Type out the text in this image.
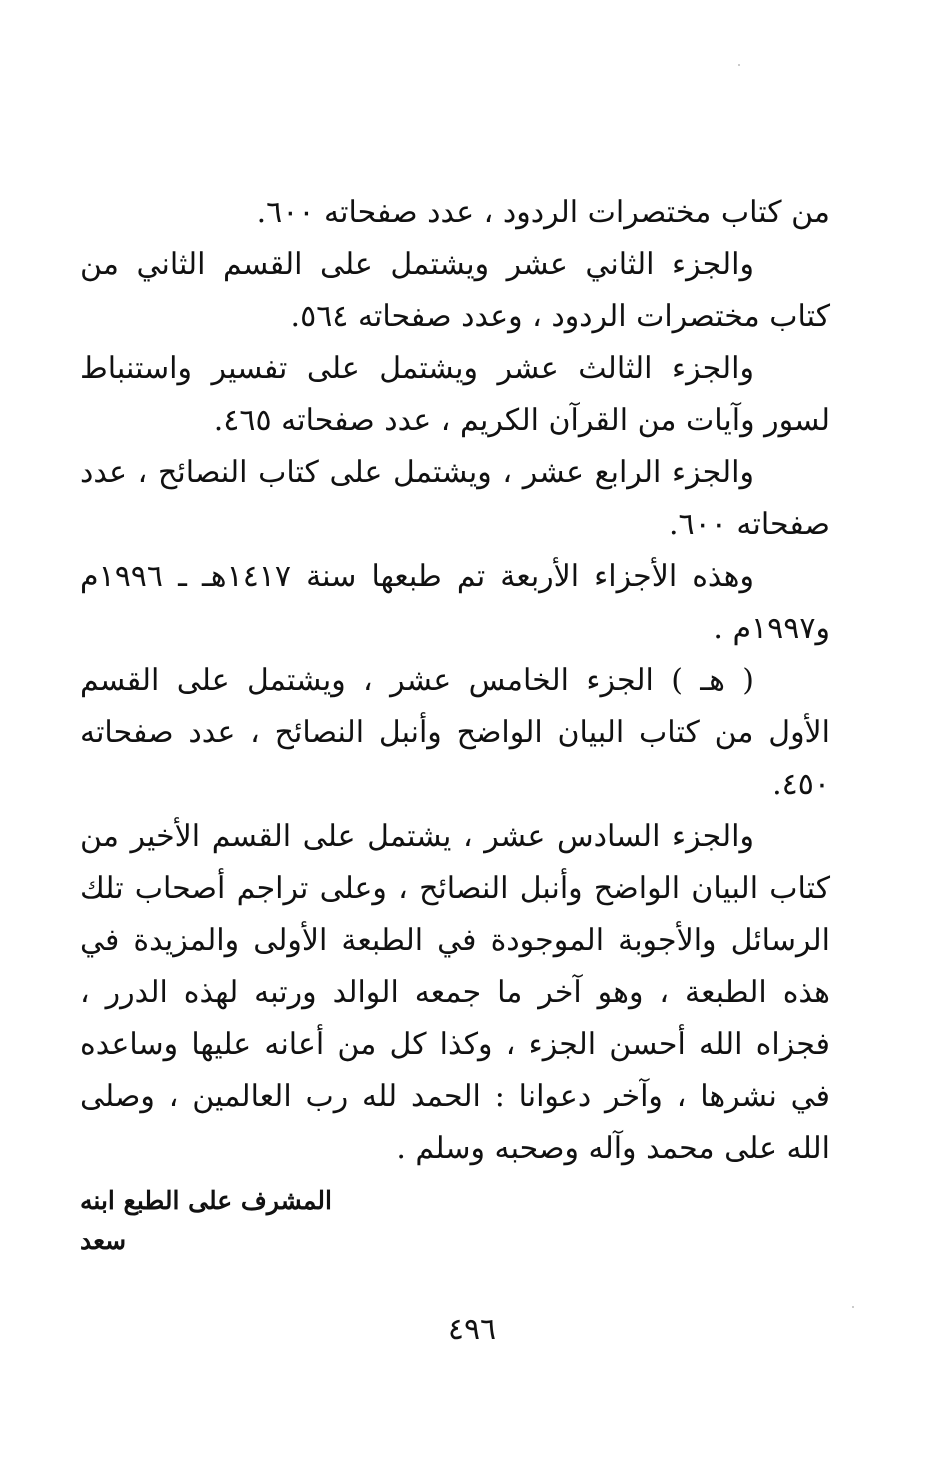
من كتاب مختصرات الردود ، عدد صفحاته ٦٠٠.

والجزء الثاني عشر ويشتمل على القسم الثاني من كتاب مختصرات الردود ، وعدد صفحاته ٥٦٤.

والجزء الثالث عشر ويشتمل على تفسير واستنباط لسور وآيات من القرآن الكريم ، عدد صفحاته ٤٦٥.

والجزء الرابع عشر ، ويشتمل على كتاب النصائح ، عدد صفحاته ٦٠٠.

وهذه الأجزاء الأربعة تم طبعها سنة ١٤١٧هـ ـ ١٩٩٦م و١٩٩٧م .

( هـ ) الجزء الخامس عشر ، ويشتمل على القسم الأول من كتاب البيان الواضح وأنبل النصائح ، عدد صفحاته ٤٥٠.

والجزء السادس عشر ، يشتمل على القسم الأخير من كتاب البيان الواضح وأنبل النصائح ، وعلى تراجم أصحاب تلك الرسائل والأجوبة الموجودة في الطبعة الأولى والمزيدة في هذه الطبعة ، وهو آخر ما جمعه الوالد ورتبه لهذه الدرر ، فجزاه الله أحسن الجزء ، وكذا كل من أعانه عليها وساعده في نشرها ، وآخر دعوانا : الحمد لله رب العالمين ، وصلى الله على محمد وآله وصحبه وسلم .

المشرف على الطبع ابنه سعد
٤٩٦
